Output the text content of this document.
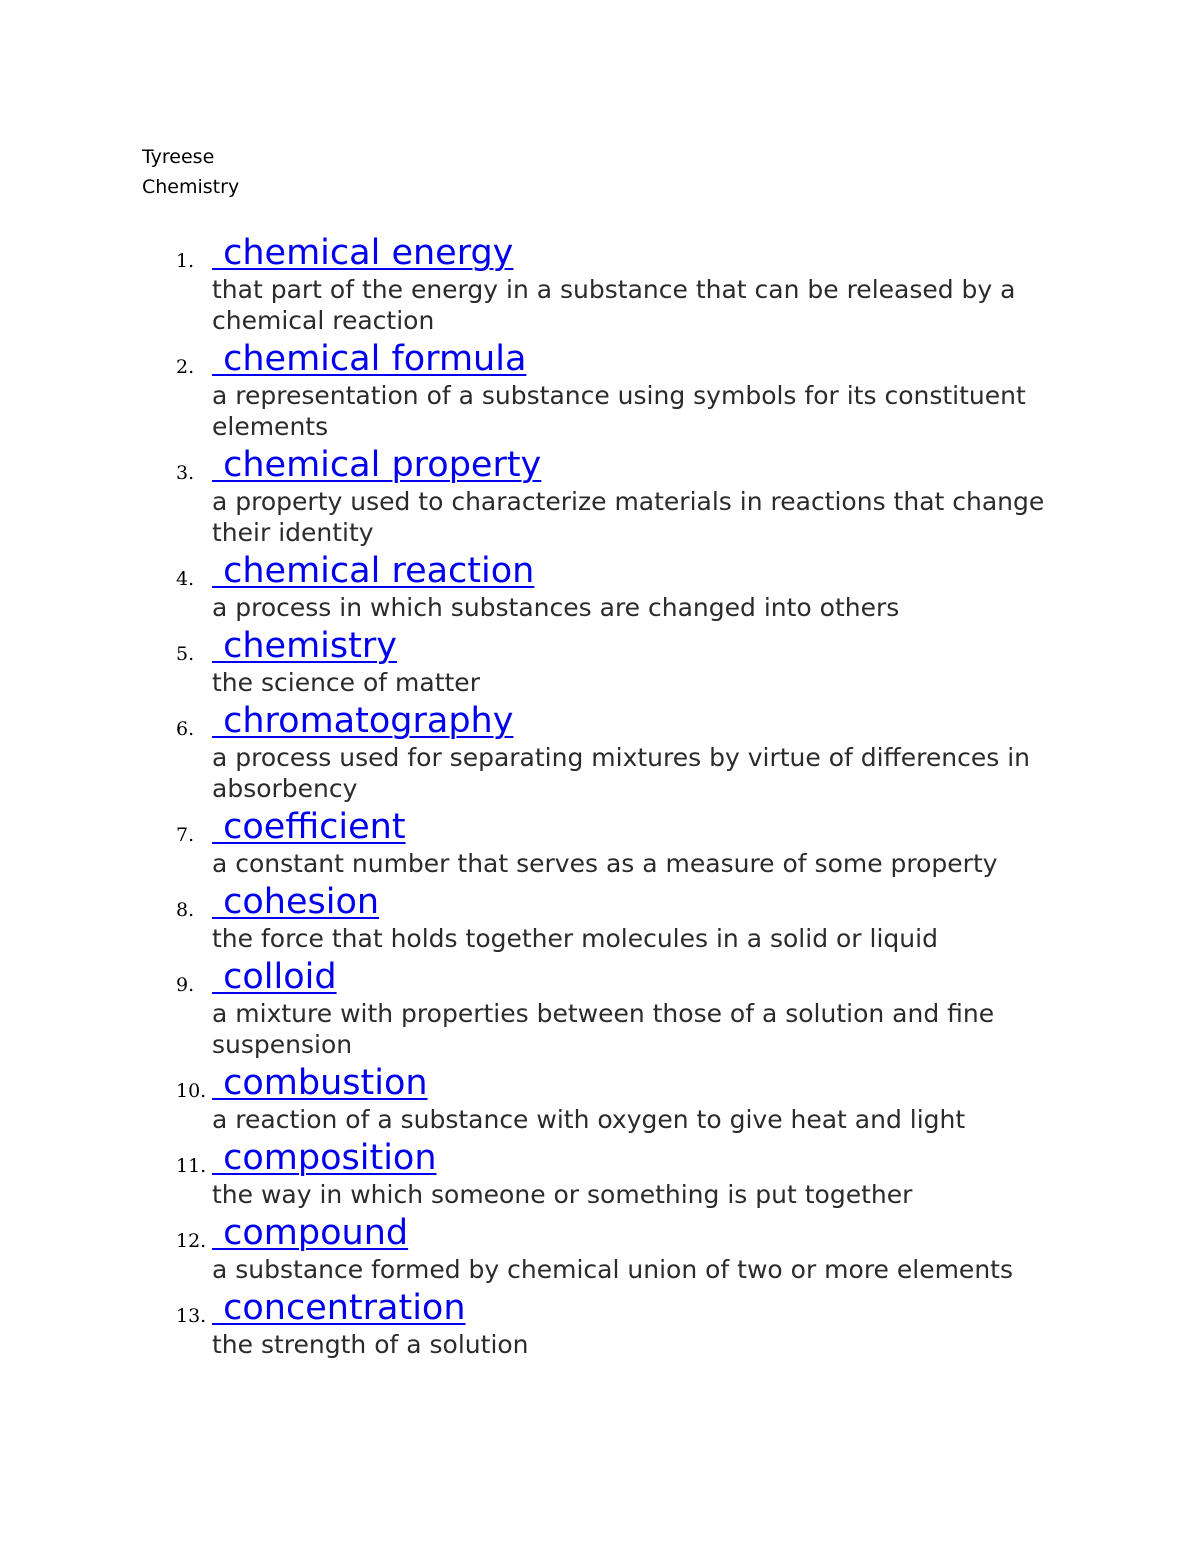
Tyreese

Chemistry

1. chemical energy

that part of the energy in a substance that can be released by a chemical reaction

2. chemical formula

a representation of a substance using symbols for its constituent elements

3. chemical property

a property used to characterize materials in reactions that change their identity

4. chemical reaction

a process in which substances are changed into others

5. chemistry

the science of matter

6. chromatography

a process used for separating mixtures by virtue of differences in absorbency

7. coefficient

a constant number that serves as a measure of some property

8. cohesion

the force that holds together molecules in a solid or liquid

9. colloid

a mixture with properties between those of a solution and fine suspension

10. combustion

a reaction of a substance with oxygen to give heat and light

11. composition

the way in which someone or something is put together

12. compound

a substance formed by chemical union of two or more elements

13. concentration

the strength of a solution
